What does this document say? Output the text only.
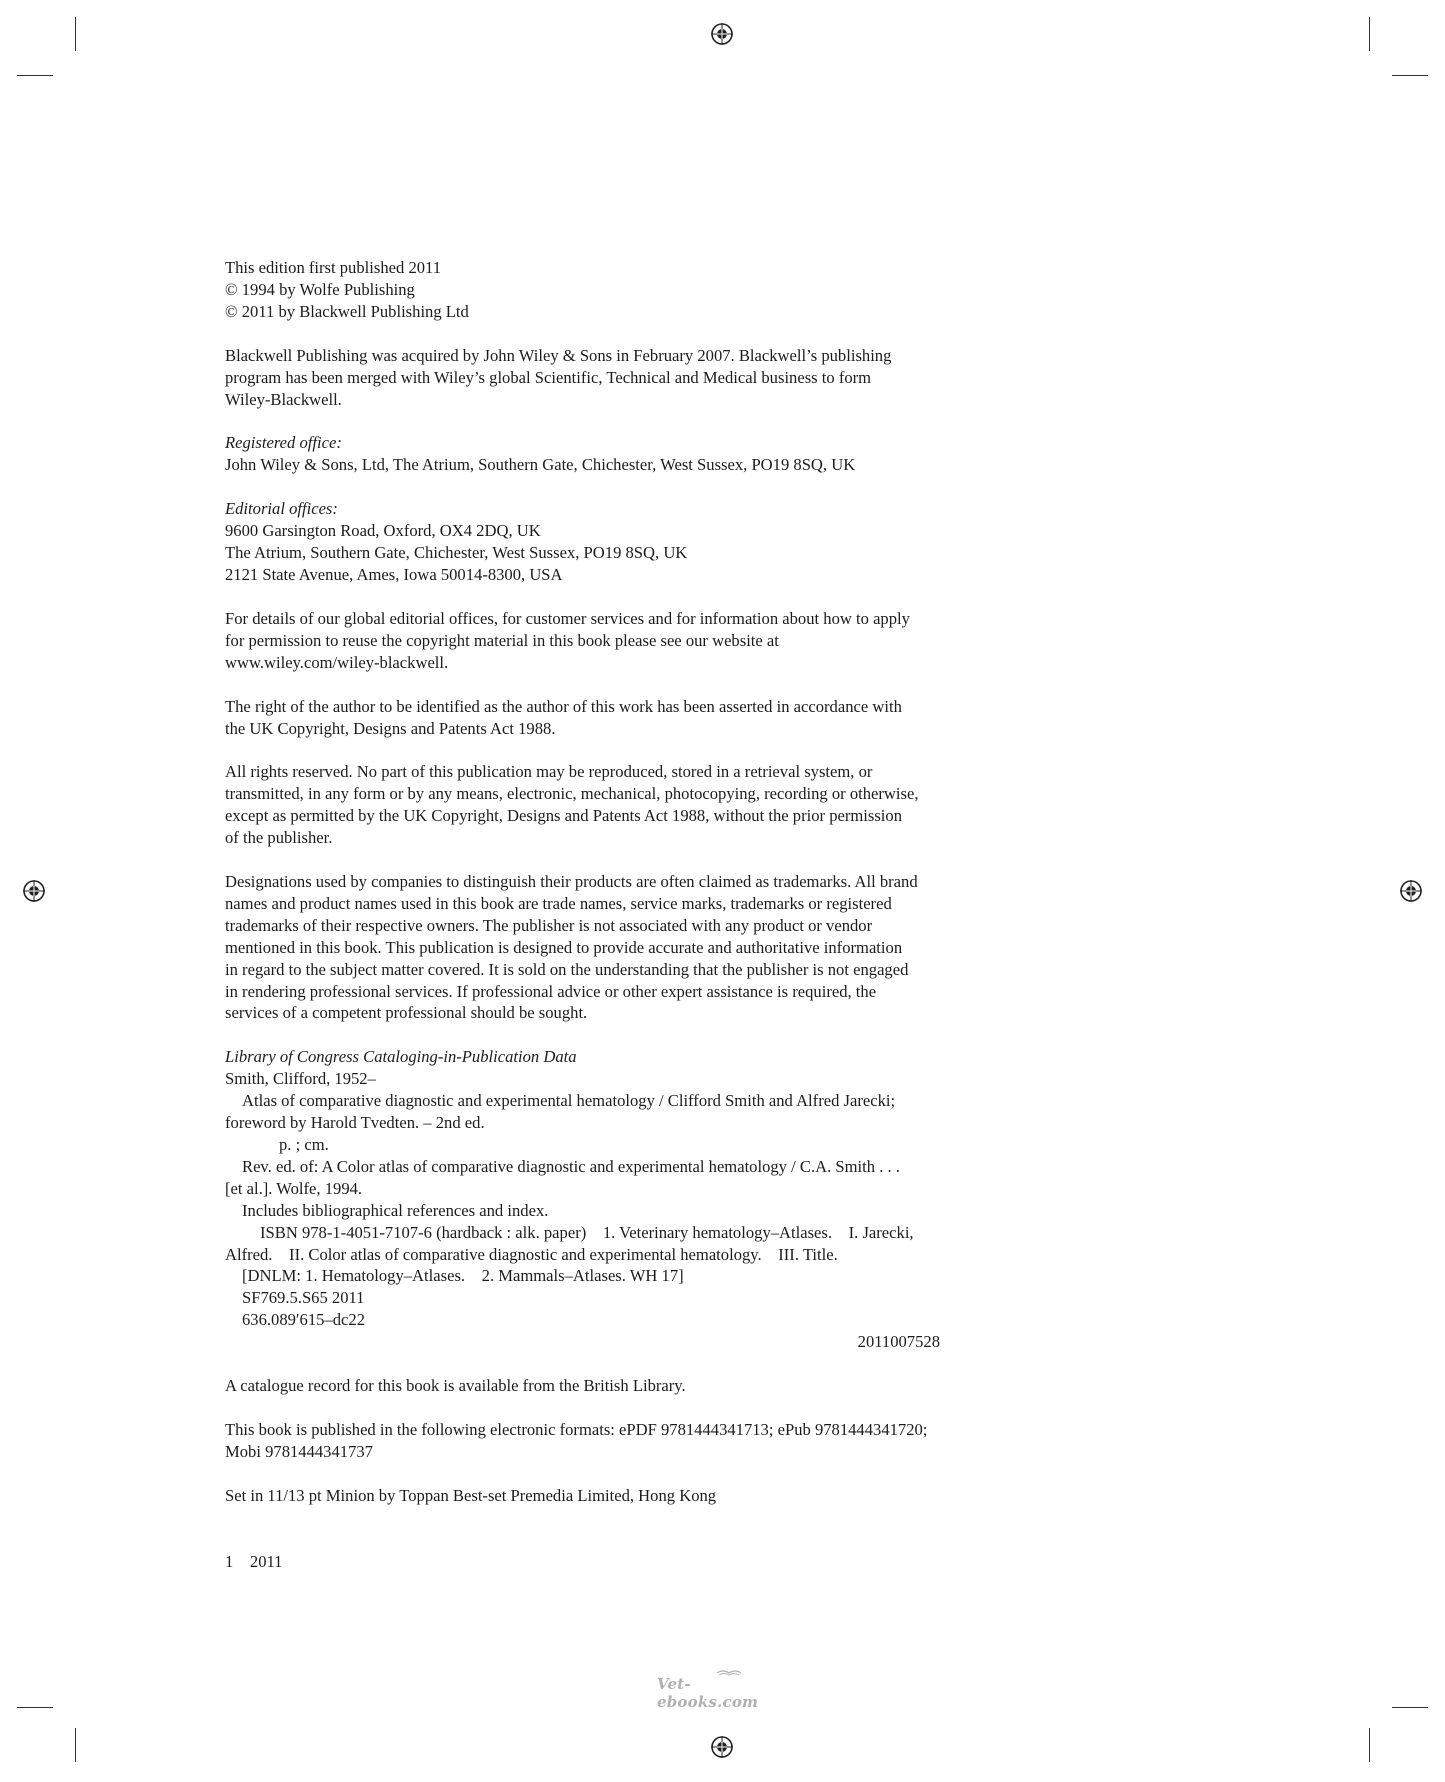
This edition first published 2011

© 1994 by Wolfe Publishing

© 2011 by Blackwell Publishing Ltd

Blackwell Publishing was acquired by John Wiley & Sons in February 2007. Blackwell’s publishing

program has been merged with Wiley’s global Scientific, Technical and Medical business to form

Wiley-Blackwell.

Registered office:

John Wiley & Sons, Ltd, The Atrium, Southern Gate, Chichester, West Sussex, PO19 8SQ, UK

Editorial offices:

9600 Garsington Road, Oxford, OX4 2DQ, UK

The Atrium, Southern Gate, Chichester, West Sussex, PO19 8SQ, UK

2121 State Avenue, Ames, Iowa 50014-8300, USA

For details of our global editorial offices, for customer services and for information about how to apply

for permission to reuse the copyright material in this book please see our website at

www.wiley.com/wiley-blackwell.

The right of the author to be identified as the author of this work has been asserted in accordance with

the UK Copyright, Designs and Patents Act 1988.

All rights reserved. No part of this publication may be reproduced, stored in a retrieval system, or

transmitted, in any form or by any means, electronic, mechanical, photocopying, recording or otherwise,

except as permitted by the UK Copyright, Designs and Patents Act 1988, without the prior permission

of the publisher.

Designations used by companies to distinguish their products are often claimed as trademarks. All brand

names and product names used in this book are trade names, service marks, trademarks or registered

trademarks of their respective owners. The publisher is not associated with any product or vendor

mentioned in this book. This publication is designed to provide accurate and authoritative information

in regard to the subject matter covered. It is sold on the understanding that the publisher is not engaged

in rendering professional services. If professional advice or other expert assistance is required, the

services of a competent professional should be sought.

Library of Congress Cataloging-in-Publication Data

Smith, Clifford, 1952–

Atlas of comparative diagnostic and experimental hematology / Clifford Smith and Alfred Jarecki;

foreword by Harold Tvedten. – 2nd ed.

p. ; cm.

Rev. ed. of: A Color atlas of comparative diagnostic and experimental hematology / C.A. Smith . . .

[et al.]. Wolfe, 1994.

Includes bibliographical references and index.

ISBN 978-1-4051-7107-6 (hardback : alk. paper)    1. Veterinary hematology–Atlases.    I. Jarecki,

Alfred.    II. Color atlas of comparative diagnostic and experimental hematology.    III. Title.

[DNLM: 1. Hematology–Atlases.    2. Mammals–Atlases. WH 17]

SF769.5.S65 2011

636.089′615–dc22

2011007528

A catalogue record for this book is available from the British Library.

This book is published in the following electronic formats: ePDF 9781444341713; ePub 9781444341720;

Mobi 9781444341737

Set in 11/13 pt Minion by Toppan Best-set Premedia Limited, Hong Kong

1    2011

Vet-ebooks.com
